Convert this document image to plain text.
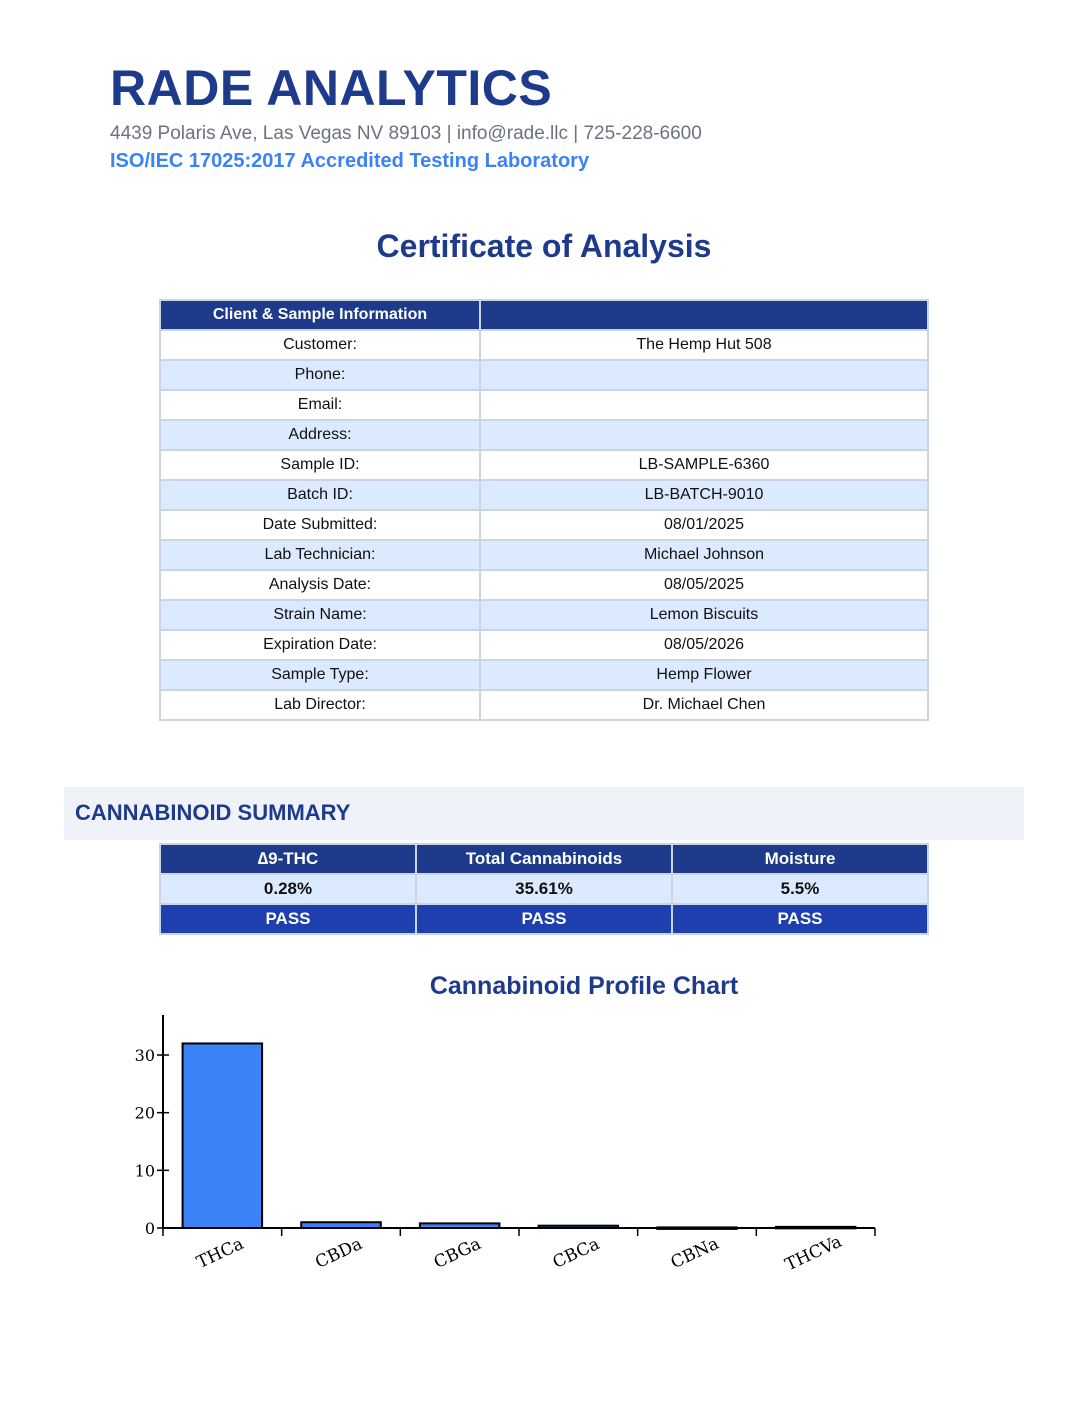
RADE ANALYTICS
4439 Polaris Ave, Las Vegas NV 89103 | info@rade.llc | 725-228-6600
ISO/IEC 17025:2017 Accredited Testing Laboratory
Certificate of Analysis
Client & Sample Information	
Customer:	The Hemp Hut 508
Phone:	
Email:	
Address:	
Sample ID:	LB-SAMPLE-6360
Batch ID:	LB-BATCH-9010
Date Submitted:	08/01/2025
Lab Technician:	Michael Johnson
Analysis Date:	08/05/2025
Strain Name:	Lemon Biscuits
Expiration Date:	08/05/2026
Sample Type:	Hemp Flower
Lab Director:	Dr. Michael Chen
CANNABINOID SUMMARY
∆9-THC	Total Cannabinoids	Moisture
0.28%	35.61%	5.5%
PASS	PASS	PASS
Cannabinoid Profile Chart
0
10
20
30
THCa	CBDa	CBGa	CBCa	CBNa	THCVa
